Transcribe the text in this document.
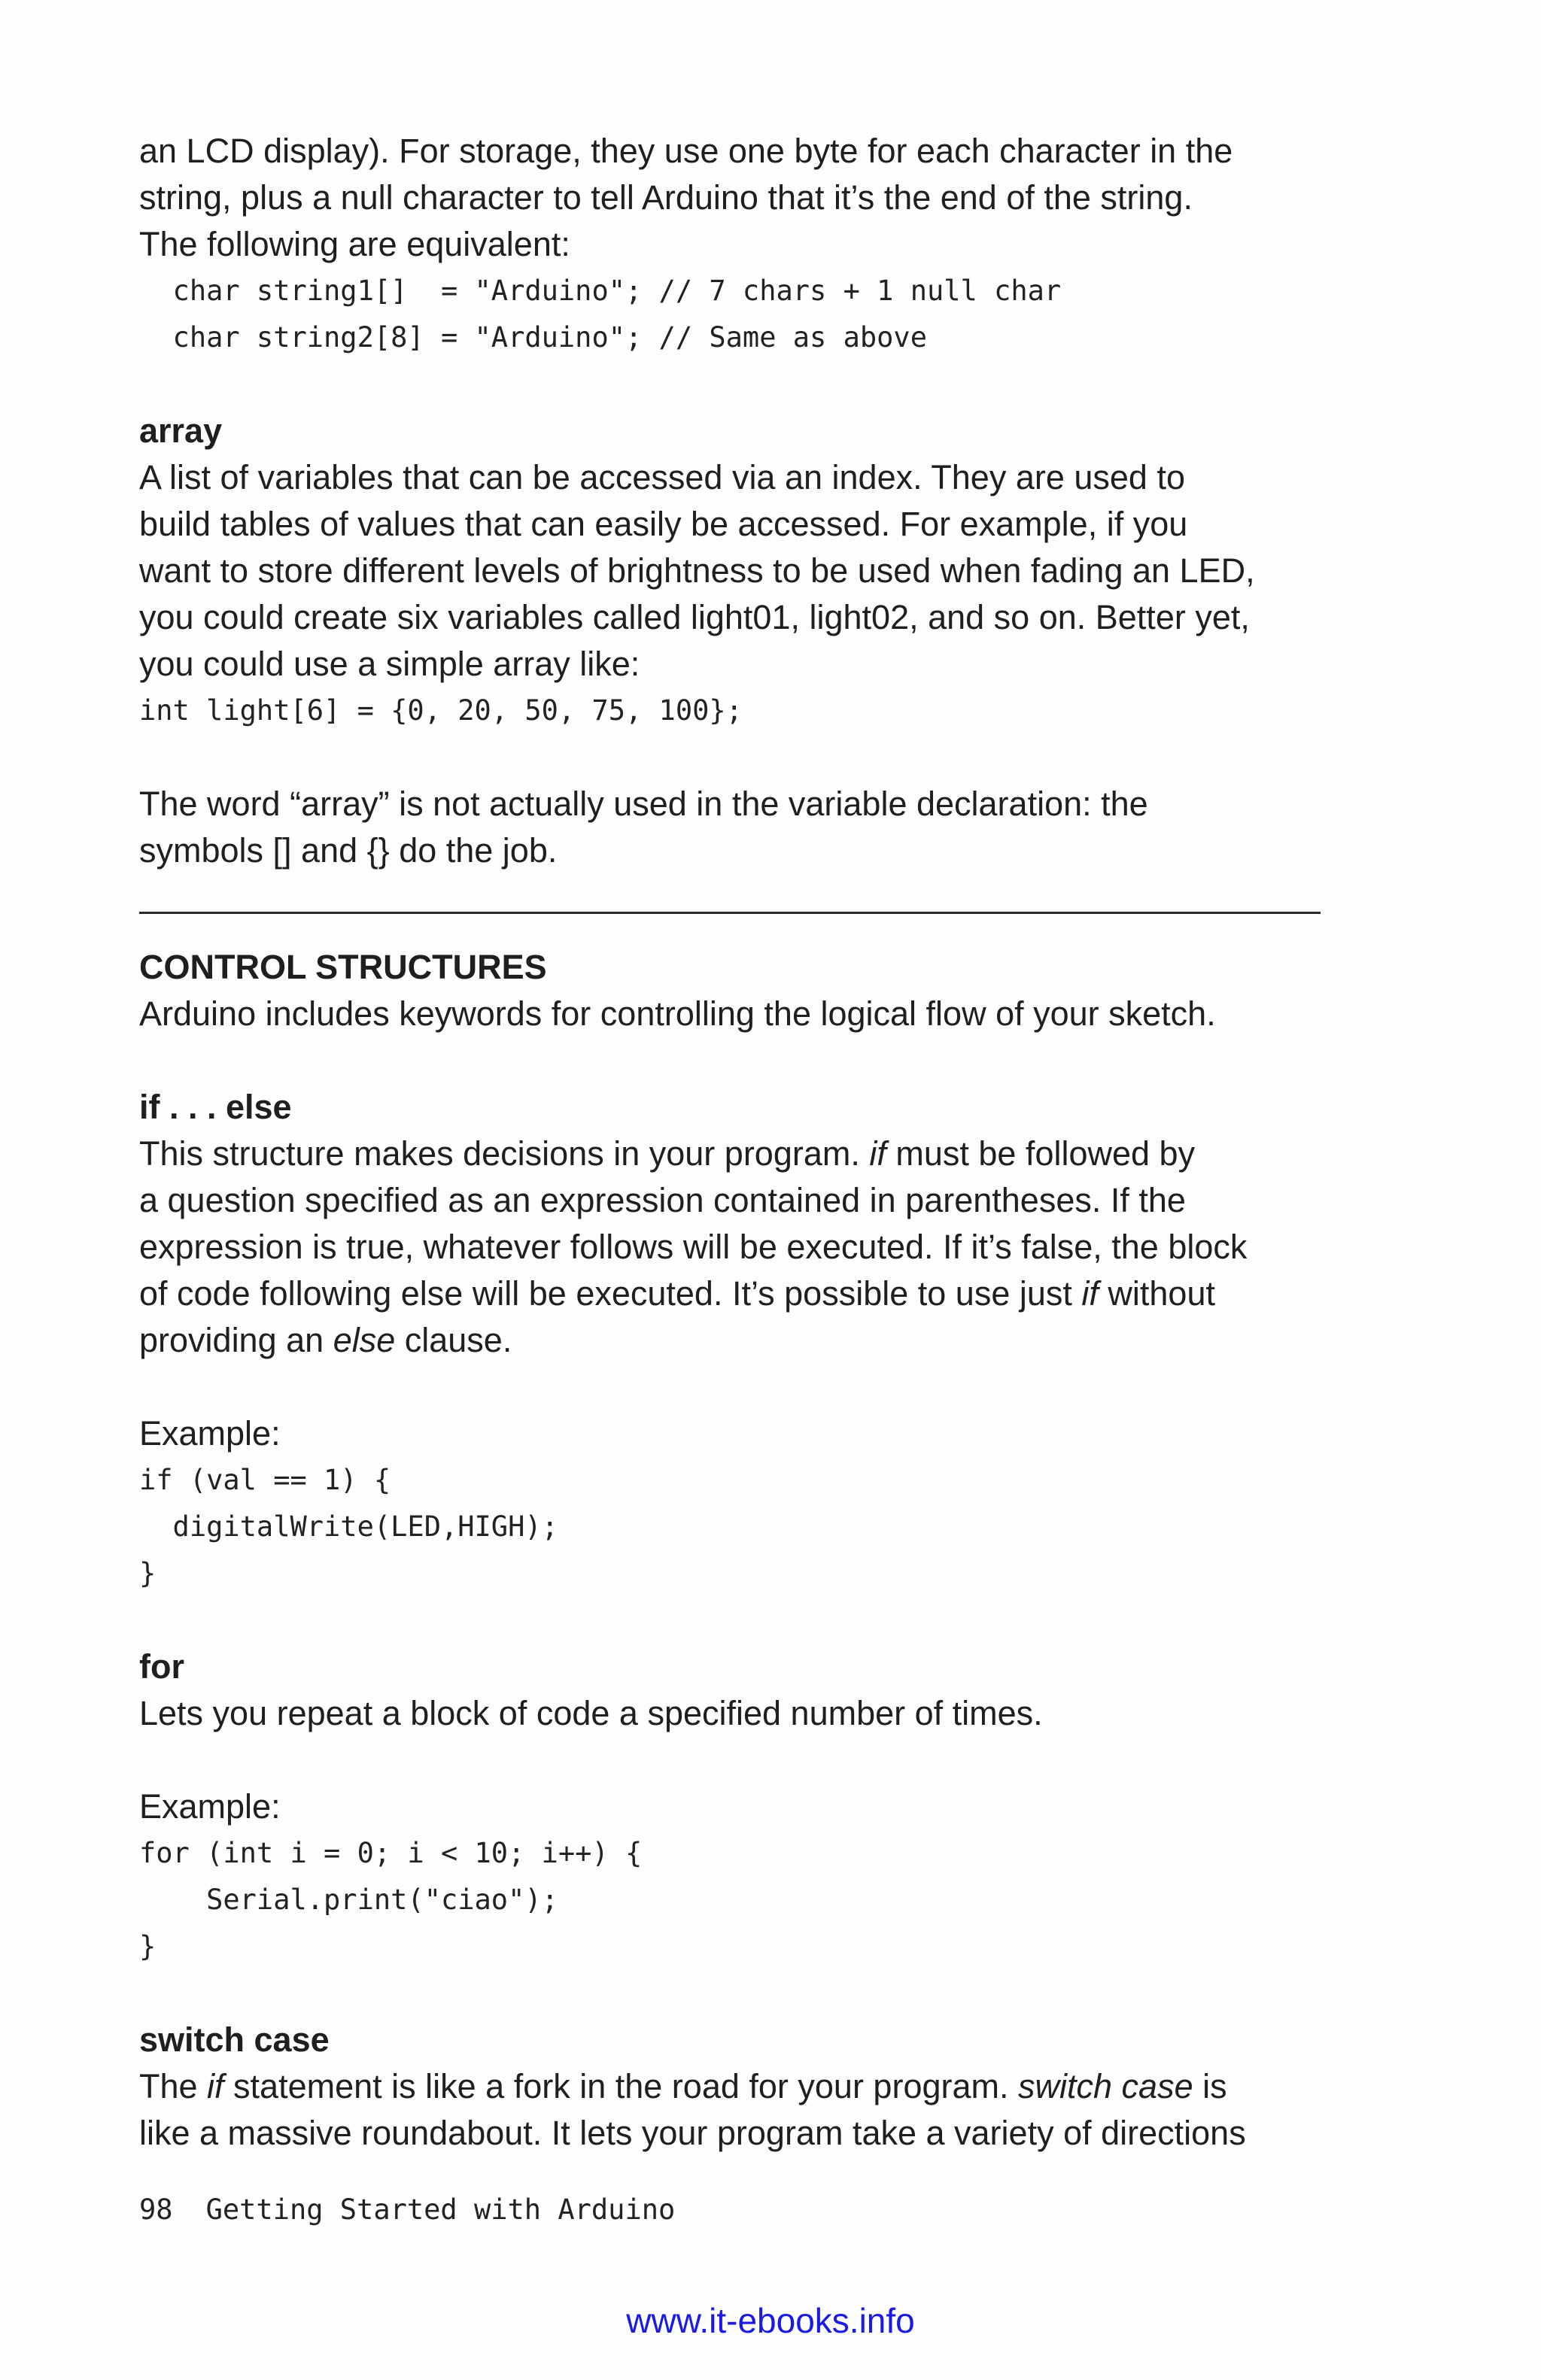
an LCD display). For storage, they use one byte for each character in the

string, plus a null character to tell Arduino that it’s the end of the string.

The following are equivalent:

char string1[]  = "Arduino"; // 7 chars + 1 null char

char string2[8] = "Arduino"; // Same as above

array

A list of variables that can be accessed via an index. They are used to

build tables of values that can easily be accessed. For example, if you

want to store different levels of brightness to be used when fading an LED,

you could create six variables called light01, light02, and so on. Better yet,

you could use a simple array like:

int light[6] = {0, 20, 50, 75, 100};

The word “array” is not actually used in the variable declaration: the

symbols [] and {} do the job.

CONTROL STRUCTURES

Arduino includes keywords for controlling the logical flow of your sketch.

if . . . else

This structure makes decisions in your program. if must be followed by

a question specified as an expression contained in parentheses. If the

expression is true, whatever follows will be executed. If it’s false, the block

of code following else will be executed. It’s possible to use just if without

providing an else clause.

Example:

if (val == 1) {

digitalWrite(LED,HIGH);

}

for

Lets you repeat a block of code a specified number of times.

Example:

for (int i = 0; i < 10; i++) {

Serial.print("ciao");

}

switch case

The if statement is like a fork in the road for your program. switch case is

like a massive roundabout. It lets your program take a variety of directions

98 Getting Started with Arduino
www.it-ebooks.info
